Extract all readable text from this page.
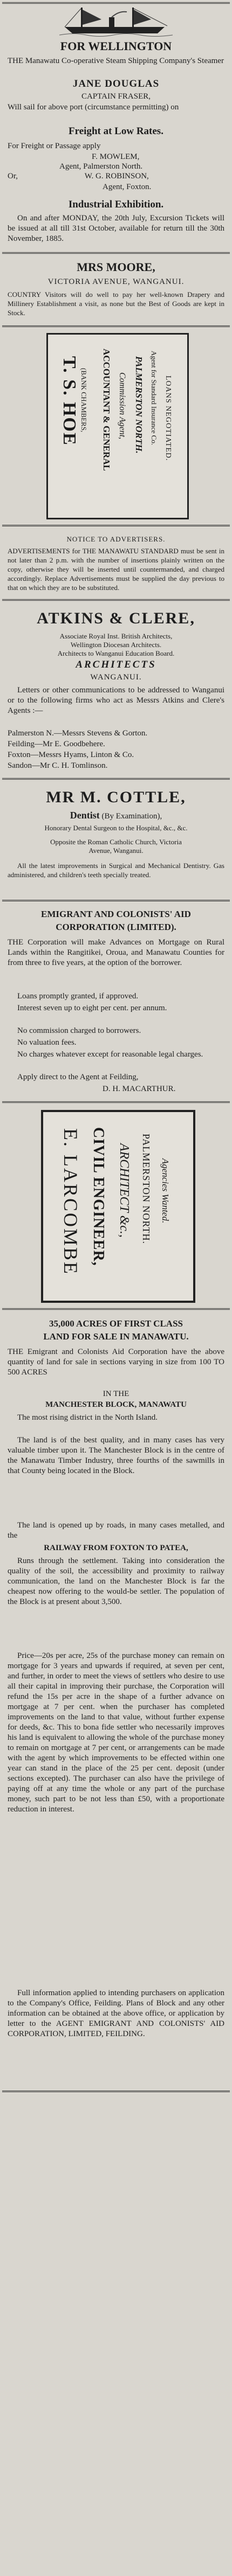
FOR WELLINGTON
THE Manawatu Co-operative Steam Shipping Company's Steamer
JANE DOUGLAS
CAPTAIN FRASER,
Will sail for above port (circumstance permitting) on
Freight at Low Rates.
For Freight or Passage apply
F. MOWLEM,
Agent, Palmerston North.
Or,	W. G. ROBINSON,
Agent, Foxton.
Industrial Exhibition.
On and after MONDAY, the 20th July, Excursion Tickets will be issued at all till 31st October, available for return till the 30th November, 1885.
MRS MOORE,
VICTORIA AVENUE, WANGANUI.
COUNTRY Visitors will do well to pay her well-known Drapery and Millinery Establishment a visit, as none but the Best of Goods are kept in Stock.
T. S. HOE (BANK CHAMBERS, ACCOUNTANT & GENERAL Commission Agent, PALMERSTON NORTH. Agent for Standard Insurance Co. LOANS NEGOTIATED.
NOTICE TO ADVERTISERS.
ADVERTISEMENTS for THE MANAWATU STANDARD must be sent in not later than 2 p.m. with the number of insertions plainly written on the copy, otherwise they will be inserted until countermanded, and charged accordingly. Replace Advertisements must be supplied the day previous to that on which they are to be substituted.
ATKINS & CLERE,
Associate Royal Inst. British Architects,
Wellington Diocesan Architects.
Architects to Wanganui Education Board.
ARCHITECTS
WANGANUI.
Letters or other communications to be addressed to Wanganui or to the following firms who act as Messrs Atkins and Clere's Agents :—
Palmerston N.—Messrs Stevens & Gorton.
Feilding—Mr E. Goodbehere.
Foxton—Messrs Hyams, Linton & Co.
Sandon—Mr C. H. Tomlinson.
MR M. COTTLE,
Dentist (By Examination),
Honorary Dental Surgeon to the Hospital, &c., &c.
Opposite the Roman Catholic Church, Victoria
Avenue, Wanganui.
All the latest improvements in Surgical and Mechanical Dentistry. Gas administered, and children's teeth specially treated.
EMIGRANT AND COLONISTS' AID
CORPORATION (LIMITED).
THE Corporation will make Advances on Mortgage on Rural Lands within the Rangitikei, Oroua, and Manawatu Counties for from three to five years, at the option of the borrower.
Loans promptly granted, if approved.
Interest seven up to eight per cent. per annum.
No commission charged to borrowers.
No valuation fees.
No charges whatever except for reasonable legal charges.
Apply direct to the Agent at Feilding,
D. H. MACARTHUR.
E. LARCOMBE CIVIL ENGINEER, ARCHITECT &c., PALMERSTON NORTH. Agencies Wanted.
35,000 ACRES OF FIRST CLASS
LAND FOR SALE IN MANAWATU.
THE Emigrant and Colonists Aid Corporation have the above quantity of land for sale in sections varying in size from 100 TO 500 ACRES
IN THE
MANCHESTER BLOCK, MANAWATU
The most rising district in the North Island.
The land is of the best quality, and in many cases has very valuable timber upon it. The Manchester Block is in the centre of the Manawatu Timber Industry, three fourths of the sawmills in that County being located in the Block.
The land is opened up by roads, in many cases metalled, and the
RAILWAY FROM FOXTON TO PATEA,
Runs through the settlement. Taking into consideration the quality of the soil, the accessibility and proximity to railway communication, the land on the Manchester Block is far the cheapest now offering to the would-be settler. The population of the Block is at present about 3,500.
Price—20s per acre, 25s of the purchase money can remain on mortgage for 3 years and upwards if required, at seven per cent, and further, in order to meet the views of settlers who desire to use all their capital in improving their purchase, the Corporation will refund the 15s per acre in the shape of a further advance on mortgage at 7 per cent. when the purchaser has completed improvements on the land to that value, without further expense for deeds, &c. This to bona fide settler who necessarily improves his land is equivalent to allowing the whole of the purchase money to remain on mortgage at 7 per cent, or arrangements can be made with the agent by which improvements to be effected within one year can stand in the place of the 25 per cent. deposit (under sections excepted). The purchaser can also have the privilege of paying off at any time the whole or any part of the purchase money, such part to be not less than £50, with a proportionate reduction in interest.
Full information applied to intending purchasers on application to the Company's Office, Feilding. Plans of Block and any other information can be obtained at the above office, or application by letter to the AGENT EMIGRANT AND COLONISTS' AID CORPORATION, LIMITED, FEILDING.
